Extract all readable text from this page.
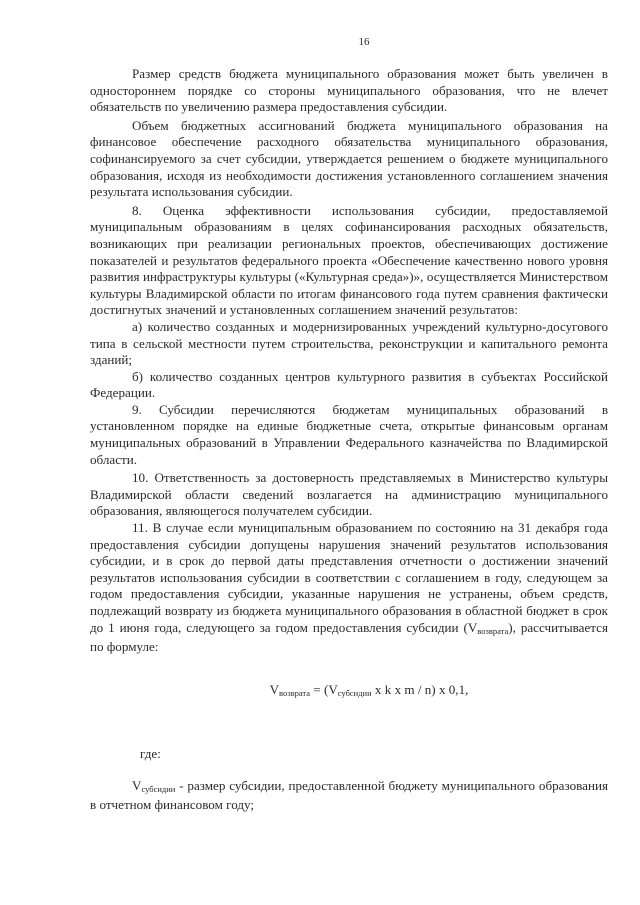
16

Размер средств бюджета муниципального образования может быть увеличен в одностороннем порядке со стороны муниципального образования, что не влечет обязательств по увеличению размера предоставления субсидии.

Объем бюджетных ассигнований бюджета муниципального образования на финансовое обеспечение расходного обязательства муниципального образования, софинансируемого за счет субсидии, утверждается решением о бюджете муниципального образования, исходя из необходимости достижения установленного соглашением значения результата использования субсидии.

8. Оценка эффективности использования субсидии, предоставляемой муниципальным образованиям в целях софинансирования расходных обязательств, возникающих при реализации региональных проектов, обеспечивающих достижение показателей и результатов федерального проекта «Обеспечение качественно нового уровня развития инфраструктуры культуры («Культурная среда»)», осуществляется Министерством культуры Владимирской области по итогам финансового года путем сравнения фактически достигнутых значений и установленных соглашением значений результатов:

а) количество созданных и модернизированных учреждений культурно-досугового типа в сельской местности путем строительства, реконструкции и капитального ремонта зданий;

б) количество созданных центров культурного развития в субъектах Российской Федерации.

9. Субсидии перечисляются бюджетам муниципальных образований в установленном порядке на единые бюджетные счета, открытые финансовым органам муниципальных образований в Управлении Федерального казначейства по Владимирской области.

10. Ответственность за достоверность представляемых в Министерство культуры Владимирской области сведений возлагается на администрацию муниципального образования, являющегося получателем субсидии.

11. В случае если муниципальным образованием по состоянию на 31 декабря года предоставления субсидии допущены нарушения значений результатов использования субсидии, и в срок до первой даты представления отчетности о достижении значений результатов использования субсидии в соответствии с соглашением в году, следующем за годом предоставления субсидии, указанные нарушения не устранены, объем средств, подлежащий возврату из бюджета муниципального образования в областной бюджет в срок до 1 июня года, следующего за годом предоставления субсидии $(V_{возврата})$, рассчитывается по формуле:

$V_{возврата} = (V_{субсидии}$ x k x m / n) x 0,1,
где:

$V_{субсидии}$ - размер субсидии, предоставленной бюджету муниципального образования в отчетном финансовом году;
